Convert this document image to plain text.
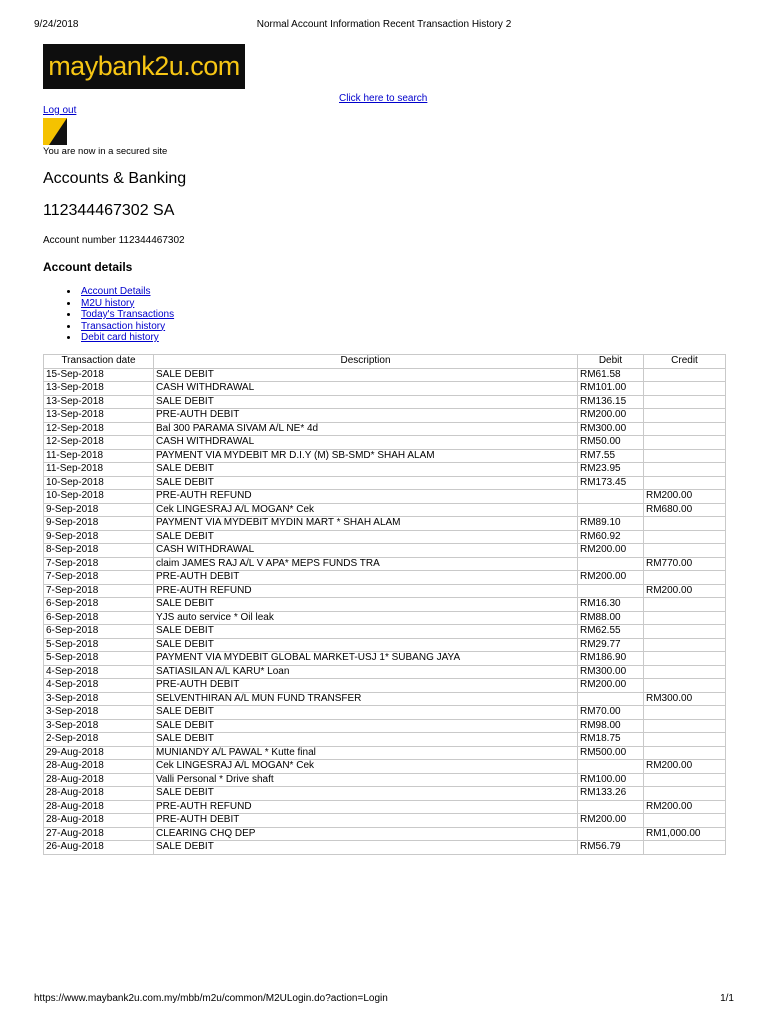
9/24/2018	Normal Account Information Recent Transaction History 2
maybank2u.com
Click here to search
Log out
You are now in a secured site
Accounts & Banking
112344467302 SA
Account number 112344467302
Account details
Account Details
M2U history
Today's Transactions
Transaction history
Debit card history
Transaction date	Description	Debit	Credit
15-Sep-2018	SALE DEBIT	RM61.58	
13-Sep-2018	CASH WITHDRAWAL	RM101.00	
13-Sep-2018	SALE DEBIT	RM136.15	
13-Sep-2018	PRE-AUTH DEBIT	RM200.00	
12-Sep-2018	Bal 300 PARAMA SIVAM A/L NE* 4d	RM300.00	
12-Sep-2018	CASH WITHDRAWAL	RM50.00	
11-Sep-2018	PAYMENT VIA MYDEBIT MR D.I.Y (M) SB-SMD* SHAH ALAM	RM7.55	
11-Sep-2018	SALE DEBIT	RM23.95	
10-Sep-2018	SALE DEBIT	RM173.45	
10-Sep-2018	PRE-AUTH REFUND		RM200.00
9-Sep-2018	Cek LINGESRAJ A/L MOGAN* Cek		RM680.00
9-Sep-2018	PAYMENT VIA MYDEBIT MYDIN MART * SHAH ALAM	RM89.10	
9-Sep-2018	SALE DEBIT	RM60.92	
8-Sep-2018	CASH WITHDRAWAL	RM200.00	
7-Sep-2018	claim JAMES RAJ A/L V APA* MEPS FUNDS TRA		RM770.00
7-Sep-2018	PRE-AUTH DEBIT	RM200.00	
7-Sep-2018	PRE-AUTH REFUND		RM200.00
6-Sep-2018	SALE DEBIT	RM16.30	
6-Sep-2018	YJS auto service * Oil leak	RM88.00	
6-Sep-2018	SALE DEBIT	RM62.55	
5-Sep-2018	SALE DEBIT	RM29.77	
5-Sep-2018	PAYMENT VIA MYDEBIT GLOBAL MARKET-USJ 1* SUBANG JAYA	RM186.90	
4-Sep-2018	SATIASILAN A/L KARU* Loan	RM300.00	
4-Sep-2018	PRE-AUTH DEBIT	RM200.00	
3-Sep-2018	SELVENTHIRAN A/L MUN FUND TRANSFER		RM300.00
3-Sep-2018	SALE DEBIT	RM70.00	
3-Sep-2018	SALE DEBIT	RM98.00	
2-Sep-2018	SALE DEBIT	RM18.75	
29-Aug-2018	MUNIANDY A/L PAWAL * Kutte final	RM500.00	
28-Aug-2018	Cek LINGESRAJ A/L MOGAN* Cek		RM200.00
28-Aug-2018	Valli Personal * Drive shaft	RM100.00	
28-Aug-2018	SALE DEBIT	RM133.26	
28-Aug-2018	PRE-AUTH REFUND		RM200.00
28-Aug-2018	PRE-AUTH DEBIT	RM200.00	
27-Aug-2018	CLEARING CHQ DEP		RM1,000.00
26-Aug-2018	SALE DEBIT	RM56.79	
https://www.maybank2u.com.my/mbb/m2u/common/M2ULogin.do?action=Login	1/1
